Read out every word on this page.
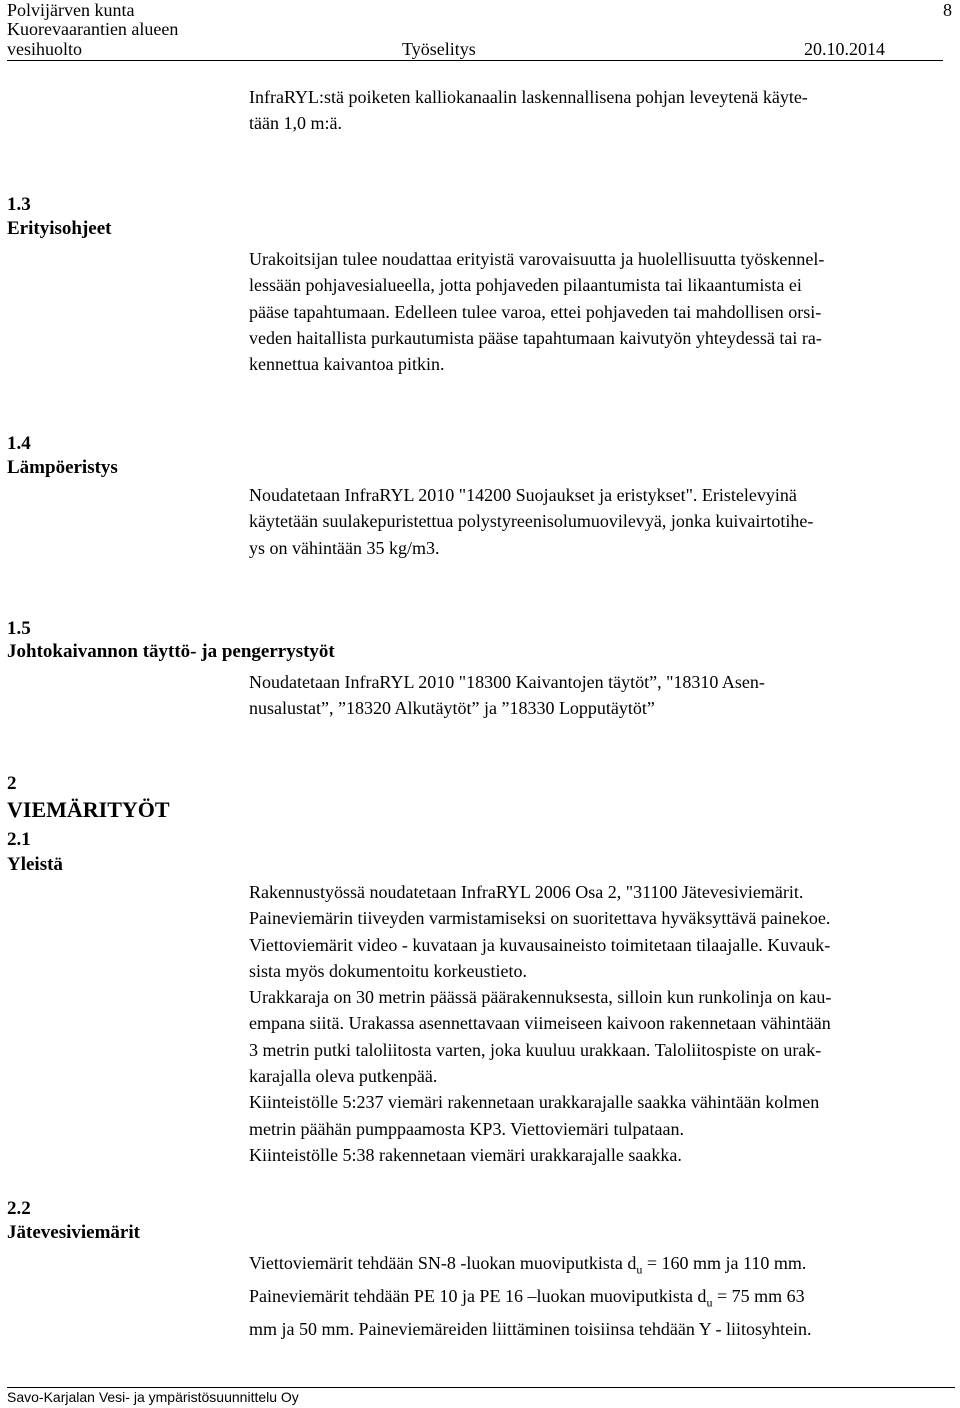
Polvijärven kunta
Kuorevaarantien alueen
vesihuolto	Työselitys	20.10.2014
8
InfraRYL:stä poiketen kalliokanaalin laskennallisena pohjan leveytenä käyte-
tään 1,0 m:ä.
1.3
Erityisohjeet
Urakoitsijan tulee noudattaa erityistä varovaisuutta ja huolellisuutta työskennel-
lessään pohjavesialueella, jotta pohjaveden pilaantumista tai likaantumista ei
pääse tapahtumaan. Edelleen tulee varoa, ettei pohjaveden tai mahdollisen orsi-
veden haitallista purkautumista pääse tapahtumaan kaivutyön yhteydessä tai ra-
kennettua kaivantoa pitkin.
1.4
Lämpöeristys
Noudatetaan InfraRYL 2010 "14200 Suojaukset ja eristykset". Eristelevyinä
käytetään suulakepuristettua polystyreenisolumuovilevyä, jonka kuivairtotihe-
ys on vähintään 35 kg/m3.
1.5
Johtokaivannon täyttö- ja pengerrystyöt
Noudatetaan InfraRYL 2010 "18300 Kaivantojen täytöt”, "18310 Asen-
nusalustat”, ”18320 Alkutäytöt” ja ”18330 Lopputäytöt”
2
VIEMÄRITYÖT
2.1
Yleistä
Rakennustyössä noudatetaan InfraRYL 2006 Osa 2, "31100 Jätevesiviemärit.
Paineviemärin tiiveyden varmistamiseksi on suoritettava hyväksyttävä painekoe.
Viettoviemärit video - kuvataan ja kuvausaineisto toimitetaan tilaajalle. Kuvauk-
sista myös dokumentoitu korkeustieto.
Urakkaraja on 30 metrin päässä päärakennuksesta, silloin kun runkolinja on kau-
empana siitä. Urakassa asennettavaan viimeiseen kaivoon rakennetaan vähintään
3 metrin putki taloliitosta varten, joka kuuluu urakkaan. Taloliitospiste on urak-
karajalla oleva putkenpää.
Kiinteistölle 5:237 viemäri rakennetaan urakkarajalle saakka vähintään kolmen
metrin päähän pumppaamosta KP3. Viettoviemäri tulpataan.
Kiinteistölle 5:38 rakennetaan viemäri urakkarajalle saakka.
2.2
Jätevesiviemärit
Viettoviemärit tehdään SN-8 -luokan muoviputkista $d_u = 160$ mm ja 110 mm.
Paineviemärit tehdään PE 10 ja PE 16 –luokan muoviputkista $d_u = 75$ mm 63
mm ja 50 mm. Paineviemäreiden liittäminen toisiinsa tehdään Y - liitosyhtein.
Savo-Karjalan Vesi- ja ympäristösuunnittelu Oy
